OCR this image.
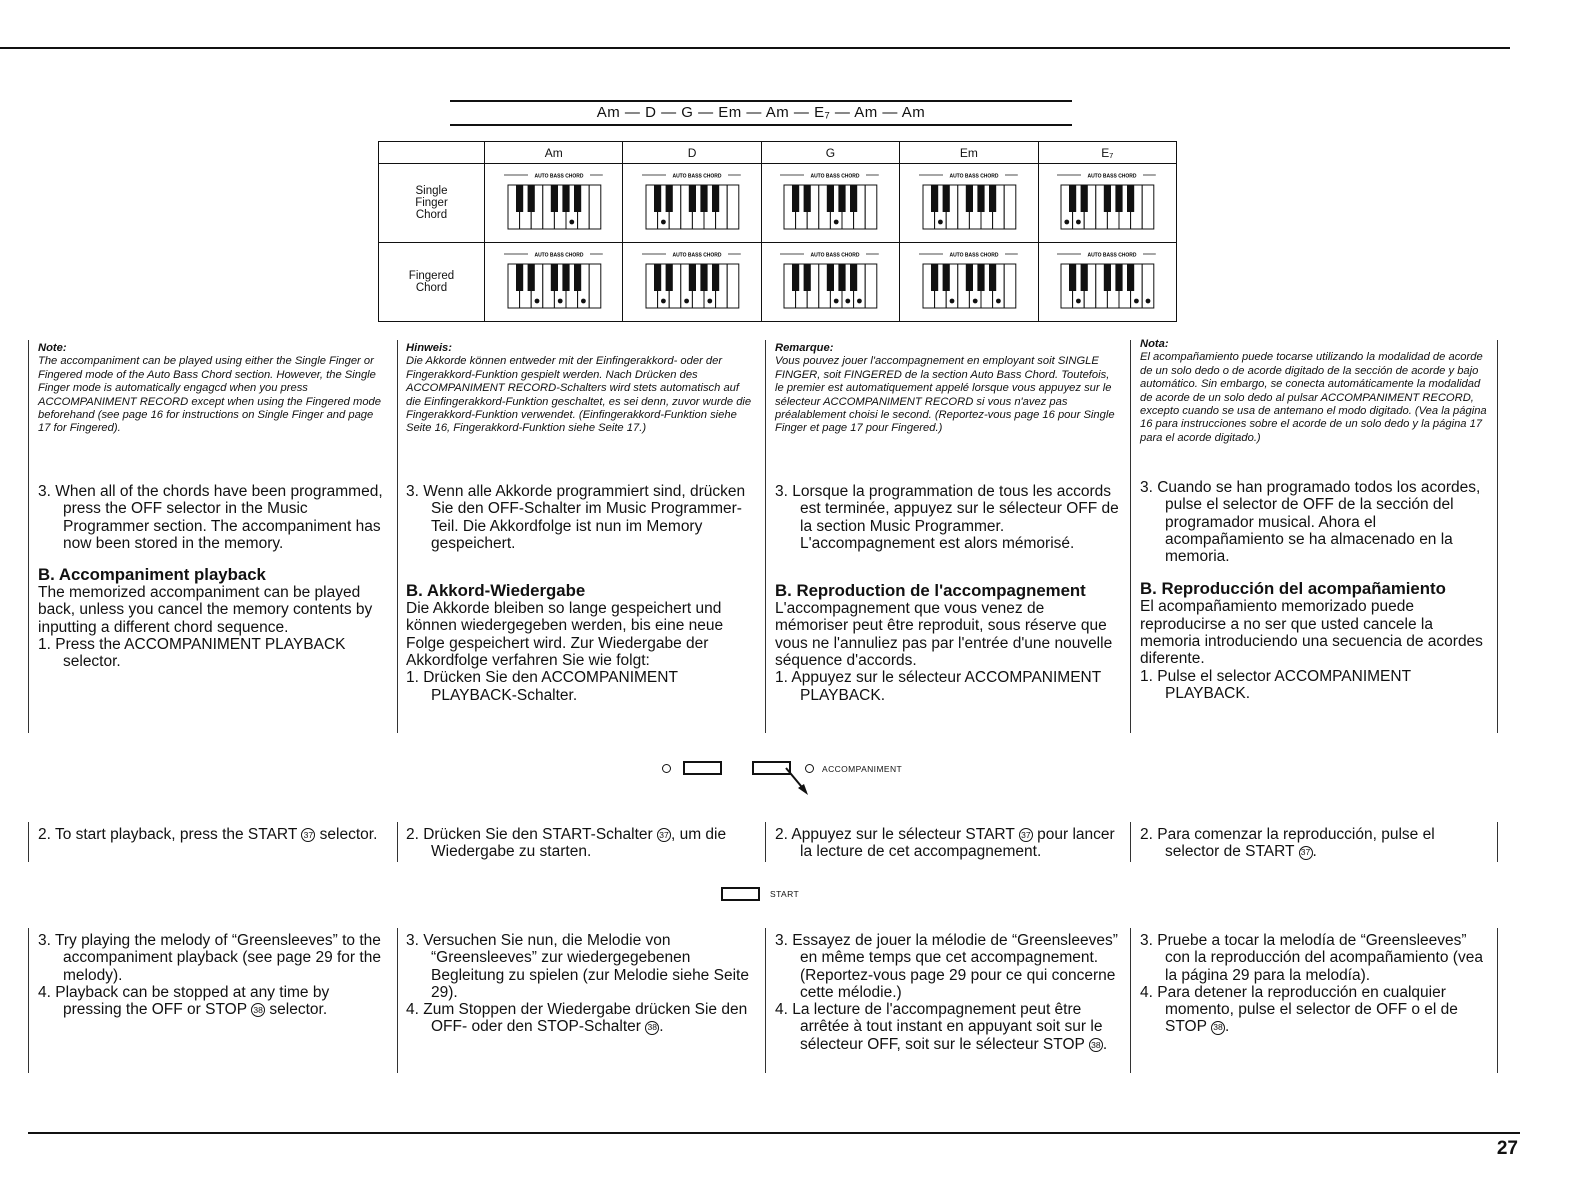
Am — D — G — Em — Am — E₇ — Am — Am
	Am	D	G	Em	E₇

Single Finger Chord	AUTO BASS CHORD	AUTO BASS CHORD	AUTO BASS CHORD	AUTO BASS CHORD	AUTO BASS CHORD

Fingered Chord	AUTO BASS CHORD	AUTO BASS CHORD	AUTO BASS CHORD	AUTO BASS CHORD	AUTO BASS CHORD
Note:
The accompaniment can be played using either the Single Finger or Fingered mode of the Auto Bass Chord section. However, the Single Finger mode is automatically engagcd when you press ACCOMPANIMENT RECORD except when using the Fingered mode beforehand (see page 16 for instructions on Single Finger and page 17 for Fingered).
Hinweis:
Die Akkorde können entweder mit der Einfingerakkord- oder der Fingerakkord-Funktion gespielt werden. Nach Drücken des ACCOMPANIMENT RECORD-Schalters wird stets automatisch auf die Einfingerakkord-Funktion geschaltet, es sei denn, zuvor wurde die Fingerakkord-Funktion verwendet. (Einfingerakkord-Funktion siehe Seite 16, Fingerakkord-Funktion siehe Seite 17.)
Remarque:
Vous pouvez jouer l'accompagnement en employant soit SINGLE FINGER, soit FINGERED de la section Auto Bass Chord. Toutefois, le premier est automatiquement appelé lorsque vous appuyez sur le sélecteur ACCOMPANIMENT RECORD si vous n'avez pas préalablement choisi le second. (Reportez-vous page 16 pour Single Finger et page 17 pour Fingered.)
Nota:
El acompañamiento puede tocarse utilizando la modalidad de acorde de un solo dedo o de acorde digitado de la sección de acorde y bajo automático. Sin embargo, se conecta automáticamente la modalidad de acorde de un solo dedo al pulsar ACCOMPANIMENT RECORD, excepto cuando se usa de antemano el modo digitado. (Vea la página 16 para instrucciones sobre el acorde de un solo dedo y la página 17 para el acorde digitado.)

3. When all of the chords have been programmed, press the OFF selector in the Music Programmer section. The accompaniment has now been stored in the memory.

B. Accompaniment playback

The memorized accompaniment can be played back, unless you cancel the memory contents by inputting a different chord sequence.

1. Press the ACCOMPANIMENT PLAYBACK selector.

3. Wenn alle Akkorde programmiert sind, drücken Sie den OFF-Schalter im Music Programmer-Teil. Die Akkordfolge ist nun im Memory gespeichert.

B. Akkord-Wiedergabe

Die Akkorde bleiben so lange gespeichert und können wiedergegeben werden, bis eine neue Folge gespeichert wird. Zur Wiedergabe der Akkordfolge verfahren Sie wie folgt:

1. Drücken Sie den ACCOMPANIMENT PLAYBACK-Schalter.

3. Lorsque la programmation de tous les accords est terminée, appuyez sur le sélecteur OFF de la section Music Programmer. L'accompagnement est alors mémorisé.

B. Reproduction de l'accompagnement

L'accompagnement que vous venez de mémoriser peut être reproduit, sous réserve que vous ne l'annuliez pas par l'entrée d'une nouvelle séquence d'accords.

1. Appuyez sur le sélecteur ACCOMPANIMENT PLAYBACK.

3. Cuando se han programado todos los acordes, pulse el selector de OFF de la sección del programador musical. Ahora el acompañamiento se ha almacenado en la memoria.

B. Reproducción del acompañamiento

El acompañamiento memorizado puede reproducirse a no ser que usted cancele la memoria introduciendo una secuencia de acordes diferente.

1. Pulse el selector ACCOMPANIMENT PLAYBACK.

ACCOMPANIMENT
2. To start playback, press the START 37 selector.	2. Drücken Sie den START-Schalter 37 , um die Wiedergabe zu starten.
2. Appuyez sur le sélecteur START 37 pour lancer la lecture de cet accompagnement.
2. Para comenzar la reproducción, pulse el selector de START 37 .
START

3. Try playing the melody of “Greensleeves” to the accompaniment playback (see page 29 for the melody).

4. Playback can be stopped at any time by pressing the OFF or STOP 38 selector.

3. Versuchen Sie nun, die Melodie von “Greensleeves” zur wiedergegebenen Begleitung zu spielen (zur Melodie siehe Seite 29).

4. Zum Stoppen der Wiedergabe drücken Sie den OFF- oder den STOP-Schalter 38 .

3. Essayez de jouer la mélodie de “Greensleeves” en même temps que cet accompagnement. (Reportez-vous page 29 pour ce qui concerne cette mélodie.)

4. La lecture de l'accompagnement peut être arrêtée à tout instant en appuyant soit sur le sélecteur OFF, soit sur le sélecteur STOP 38 .

3. Pruebe a tocar la melodía de “Greensleeves” con la reproducción del acompañamiento (vea la página 29 para la melodía).

4. Para detener la reproducción en cualquier momento, pulse el selector de OFF o el de STOP 38 .

27
